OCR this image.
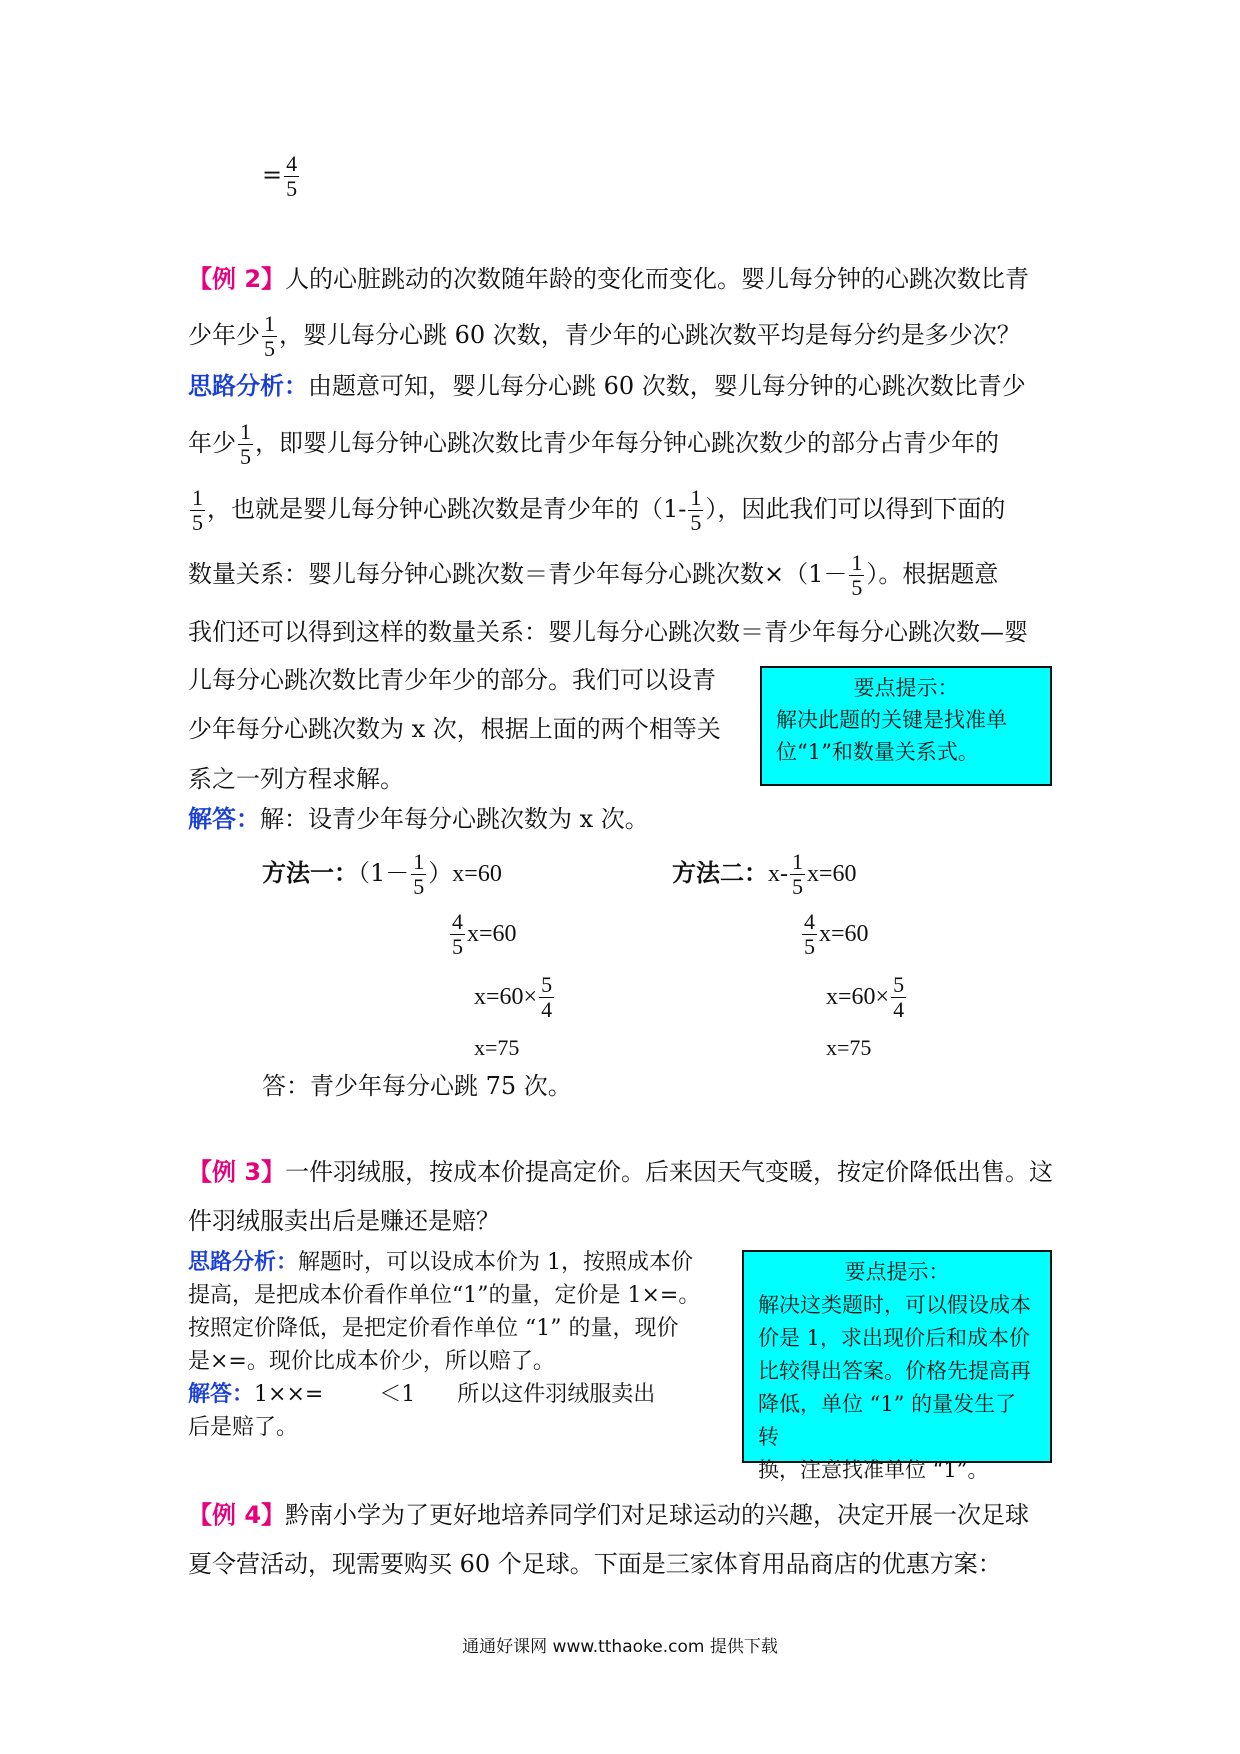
= $\frac{4}{5}$
【例 2】人的心脏跳动的次数随年龄的变化而变化。婴儿每分钟的心跳次数比青
少年少 $\frac{1}{5}$ ，婴儿每分心跳 60 次数，青少年的心跳次数平均是每分约是多少次？
思路分析：由题意可知，婴儿每分心跳 60 次数，婴儿每分钟的心跳次数比青少
年少 $\frac{1}{5}$ ，即婴儿每分钟心跳次数比青少年每分钟心跳次数少的部分占青少年的
$\frac{1}{5}$ ，也就是婴儿每分钟心跳次数是青少年的（$1- \frac{1}{5}$ ），因此我们可以得到下面的
数量关系：婴儿每分钟心跳次数＝青少年每分心跳次数$\times(1- \frac{1}{5}$ ）。根据题意
我们还可以得到这样的数量关系：婴儿每分心跳次数＝青少年每分心跳次数—婴
儿每分心跳次数比青少年少的部分。我们可以设青
少年每分心跳次数为 x 次，根据上面的两个相等关
系之一列方程求解。
要点提示：
解决此题的关键是找准单
位“1”和数量关系式。
解答：解：设青少年每分心跳次数为 x 次。
方法一：$(1- \frac{1}{5} )x=60$
$\frac{4}{5} x=60$
$x=60\times \frac{5}{4}$
x=75
方法二：$x- \frac{1}{5} x=60$
$\frac{4}{5} x=60$
$x=60\times \frac{5}{4}$
x=75
答：青少年每分心跳 75 次。
【例 3】一件羽绒服，按成本价提高定价。后来因天气变暖，按定价降低出售。这
件羽绒服卖出后是赚还是赔？
思路分析：解题时，可以设成本价为 1，按照成本价
提高，是把成本价看作单位“1”的量，定价是 1×=。
按照定价降低，是把定价看作单位 “1” 的量，现价
是×=。现价比成本价少，所以赔了。
解答：1××=        ＜1      所以这件羽绒服卖出
后是赔了。
要点提示：
解决这类题时，可以假设成本
价是 1，求出现价后和成本价
比较得出答案。价格先提高再
降低，单位 “1” 的量发生了转
换，注意找准单位 “1”。
【例 4】黔南小学为了更好地培养同学们对足球运动的兴趣，决定开展一次足球
夏令营活动，现需要购买 60 个足球。下面是三家体育用品商店的优惠方案：
通通好课网 www.tthaoke.com 提供下载
